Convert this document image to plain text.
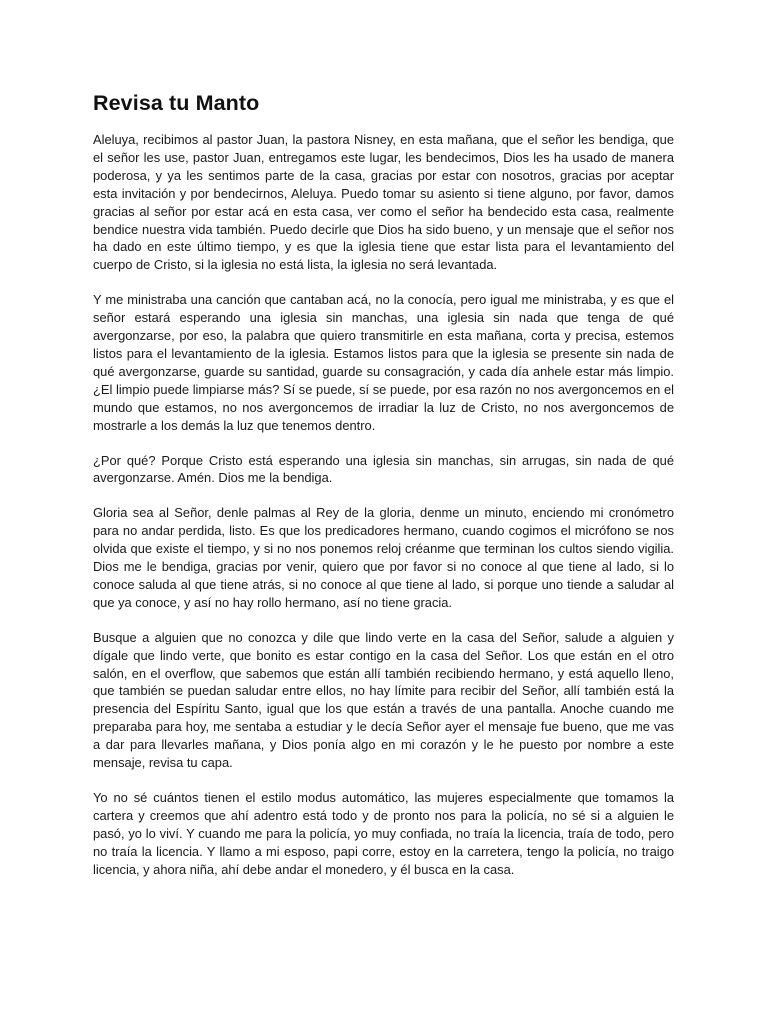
Revisa tu Manto

Aleluya, recibimos al pastor Juan, la pastora Nisney, en esta mañana, que el señor les bendiga, que el señor les use, pastor Juan, entregamos este lugar, les bendecimos, Dios les ha usado de manera poderosa, y ya les sentimos parte de la casa, gracias por estar con nosotros, gracias por aceptar esta invitación y por bendecirnos, Aleluya. Puedo tomar su asiento si tiene alguno, por favor, damos gracias al señor por estar acá en esta casa, ver como el señor ha bendecido esta casa, realmente bendice nuestra vida también. Puedo decirle que Dios ha sido bueno, y un mensaje que el señor nos ha dado en este último tiempo, y es que la iglesia tiene que estar lista para el levantamiento del cuerpo de Cristo, si la iglesia no está lista, la iglesia no será levantada.

Y me ministraba una canción que cantaban acá, no la conocía, pero igual me ministraba, y es que el señor estará esperando una iglesia sin manchas, una iglesia sin nada que tenga de qué avergonzarse, por eso, la palabra que quiero transmitirle en esta mañana, corta y precisa, estemos listos para el levantamiento de la iglesia. Estamos listos para que la iglesia se presente sin nada de qué avergonzarse, guarde su santidad, guarde su consagración, y cada día anhele estar más limpio. ¿El limpio puede limpiarse más? Sí se puede, sí se puede, por esa razón no nos avergoncemos en el mundo que estamos, no nos avergoncemos de irradiar la luz de Cristo, no nos avergoncemos de mostrarle a los demás la luz que tenemos dentro.

¿Por qué? Porque Cristo está esperando una iglesia sin manchas, sin arrugas, sin nada de qué avergonzarse. Amén. Dios me la bendiga.

Gloria sea al Señor, denle palmas al Rey de la gloria, denme un minuto, enciendo mi cronómetro para no andar perdida, listo. Es que los predicadores hermano, cuando cogimos el micrófono se nos olvida que existe el tiempo, y si no nos ponemos reloj créanme que terminan los cultos siendo vigilia. Dios me le bendiga, gracias por venir, quiero que por favor si no conoce al que tiene al lado, si lo conoce saluda al que tiene atrás, si no conoce al que tiene al lado, si porque uno tiende a saludar al que ya conoce, y así no hay rollo hermano, así no tiene gracia.

Busque a alguien que no conozca y dile que lindo verte en la casa del Señor, salude a alguien y dígale que lindo verte, que bonito es estar contigo en la casa del Señor. Los que están en el otro salón, en el overflow, que sabemos que están allí también recibiendo hermano, y está aquello lleno, que también se puedan saludar entre ellos, no hay límite para recibir del Señor, allí también está la presencia del Espíritu Santo, igual que los que están a través de una pantalla. Anoche cuando me preparaba para hoy, me sentaba a estudiar y le decía Señor ayer el mensaje fue bueno, que me vas a dar para llevarles mañana, y Dios ponía algo en mi corazón y le he puesto por nombre a este mensaje, revisa tu capa.

Yo no sé cuántos tienen el estilo modus automático, las mujeres especialmente que tomamos la cartera y creemos que ahí adentro está todo y de pronto nos para la policía, no sé si a alguien le pasó, yo lo viví. Y cuando me para la policía, yo muy confiada, no traía la licencia, traía de todo, pero no traía la licencia. Y llamo a mi esposo, papi corre, estoy en la carretera, tengo la policía, no traigo licencia, y ahora niña, ahí debe andar el monedero, y él busca en la casa.
